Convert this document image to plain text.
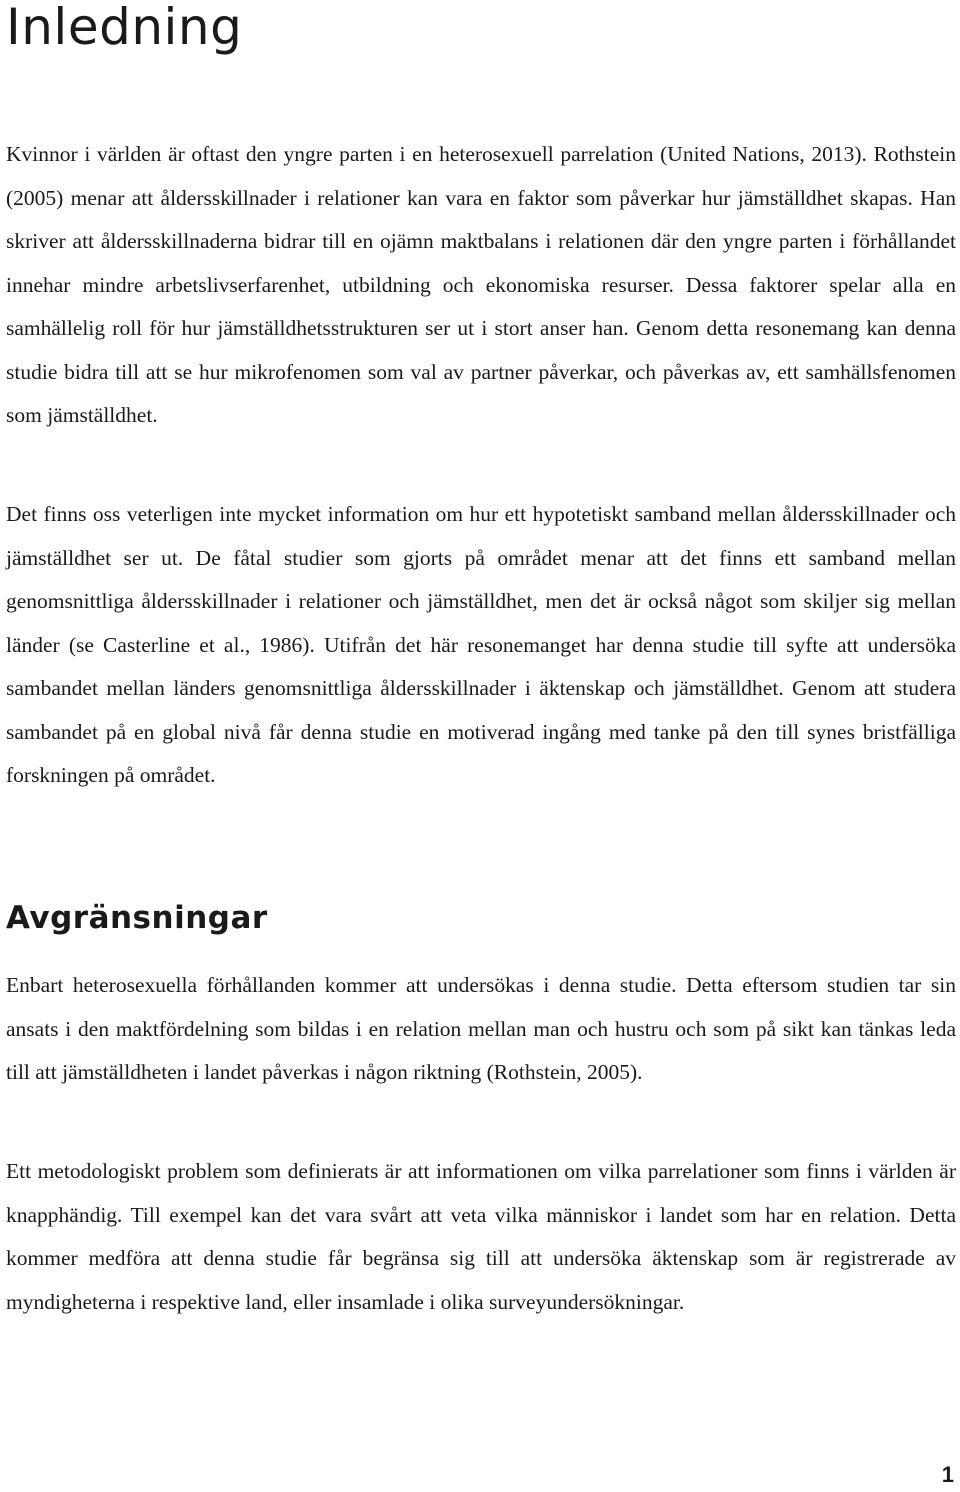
Inledning

Kvinnor i världen är oftast den yngre parten i en heterosexuell parrelation (United Nations, 2013). Rothstein (2005) menar att åldersskillnader i relationer kan vara en faktor som påverkar hur jämställdhet skapas. Han skriver att åldersskillnaderna bidrar till en ojämn maktbalans i relationen där den yngre parten i förhållandet innehar mindre arbetslivserfarenhet, utbildning och ekonomiska resurser. Dessa faktorer spelar alla en samhällelig roll för hur jämställdhetsstrukturen ser ut i stort anser han. Genom detta resonemang kan denna studie bidra till att se hur mikrofenomen som val av partner påverkar, och påverkas av, ett samhällsfenomen som jämställdhet.

Det finns oss veterligen inte mycket information om hur ett hypotetiskt samband mellan åldersskillnader och jämställdhet ser ut. De fåtal studier som gjorts på området menar att det finns ett samband mellan genomsnittliga åldersskillnader i relationer och jämställdhet, men det är också något som skiljer sig mellan länder (se Casterline et al., 1986). Utifrån det här resonemanget har denna studie till syfte att undersöka sambandet mellan länders genomsnittliga åldersskillnader i äktenskap och jämställdhet. Genom att studera sambandet på en global nivå får denna studie en motiverad ingång med tanke på den till synes bristfälliga forskningen på området.

Avgränsningar

Enbart heterosexuella förhållanden kommer att undersökas i denna studie. Detta eftersom studien tar sin ansats i den maktfördelning som bildas i en relation mellan man och hustru och som på sikt kan tänkas leda till att jämställdheten i landet påverkas i någon riktning (Rothstein, 2005).

Ett metodologiskt problem som definierats är att informationen om vilka parrelationer som finns i världen är knapphändig. Till exempel kan det vara svårt att veta vilka människor i landet som har en relation. Detta kommer medföra att denna studie får begränsa sig till att undersöka äktenskap som är registrerade av myndigheterna i respektive land, eller insamlade i olika surveyundersökningar.

1
